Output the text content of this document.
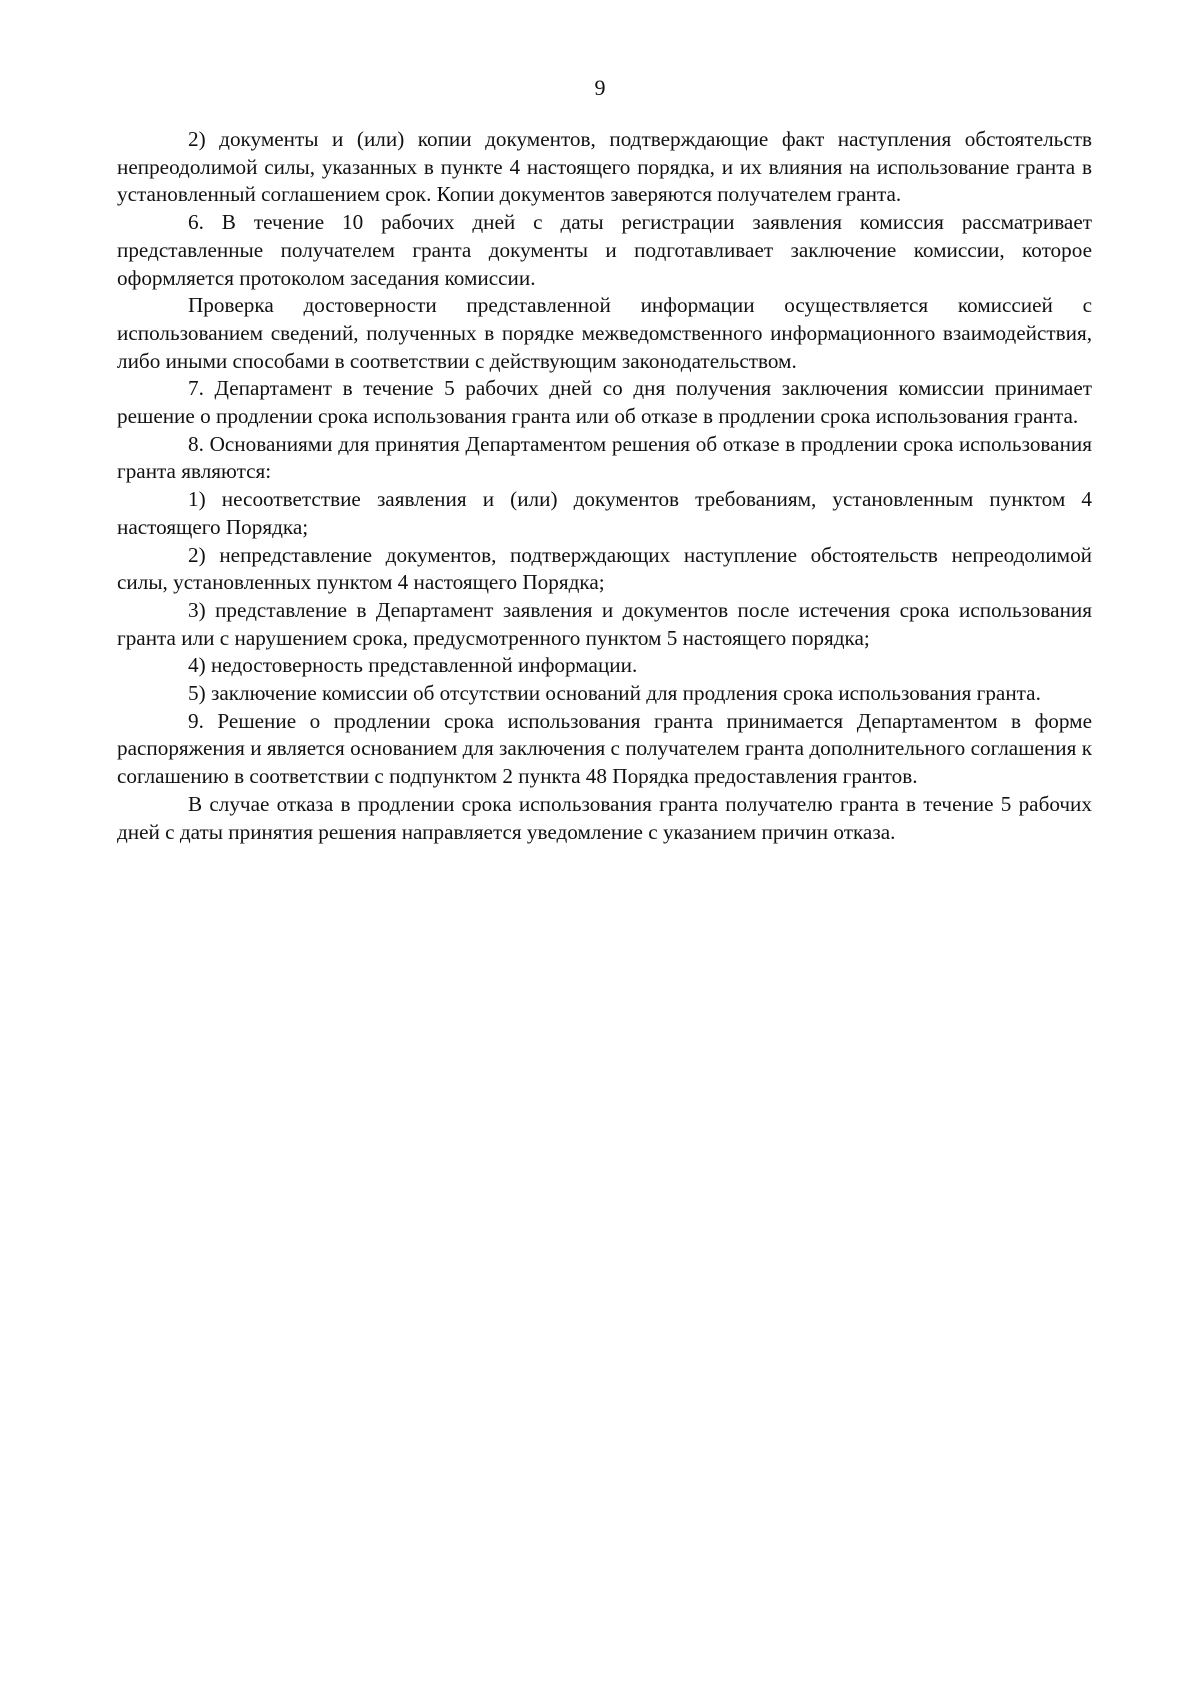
9

2) документы и (или) копии документов, подтверждающие факт наступления обстоятельств непреодолимой силы, указанных в пункте 4 настоящего порядка, и их влияния на использование гранта в установленный соглашением срок. Копии документов заверяются получателем гранта.

6. В течение 10 рабочих дней с даты регистрации заявления комиссия рассматривает представленные получателем гранта документы и подготавливает заключение комиссии, которое оформляется протоколом заседания комиссии.

Проверка достоверности представленной информации осуществляется комиссией с использованием сведений, полученных в порядке межведомственного информационного взаимодействия, либо иными способами в соответствии с действующим законодательством.

7. Департамент в течение 5 рабочих дней со дня получения заключения комиссии принимает решение о продлении срока использования гранта или об отказе в продлении срока использования гранта.

8. Основаниями для принятия Департаментом решения об отказе в продлении срока использования гранта являются:

1) несоответствие заявления и (или) документов требованиям, установленным пунктом 4 настоящего Порядка;

2) непредставление документов, подтверждающих наступление обстоятельств непреодолимой силы, установленных пунктом 4 настоящего Порядка;

3) представление в Департамент заявления и документов после истечения срока использования гранта или с нарушением срока, предусмотренного пунктом 5 настоящего порядка;

4) недостоверность представленной информации.

5) заключение комиссии об отсутствии оснований для продления срока использования гранта.

9. Решение о продлении срока использования гранта принимается Департаментом в форме распоряжения и является основанием для заключения с получателем гранта дополнительного соглашения к соглашению в соответствии с подпунктом 2 пункта 48 Порядка предоставления грантов.

В случае отказа в продлении срока использования гранта получателю гранта в течение 5 рабочих дней с даты принятия решения направляется уведомление с указанием причин отказа.
